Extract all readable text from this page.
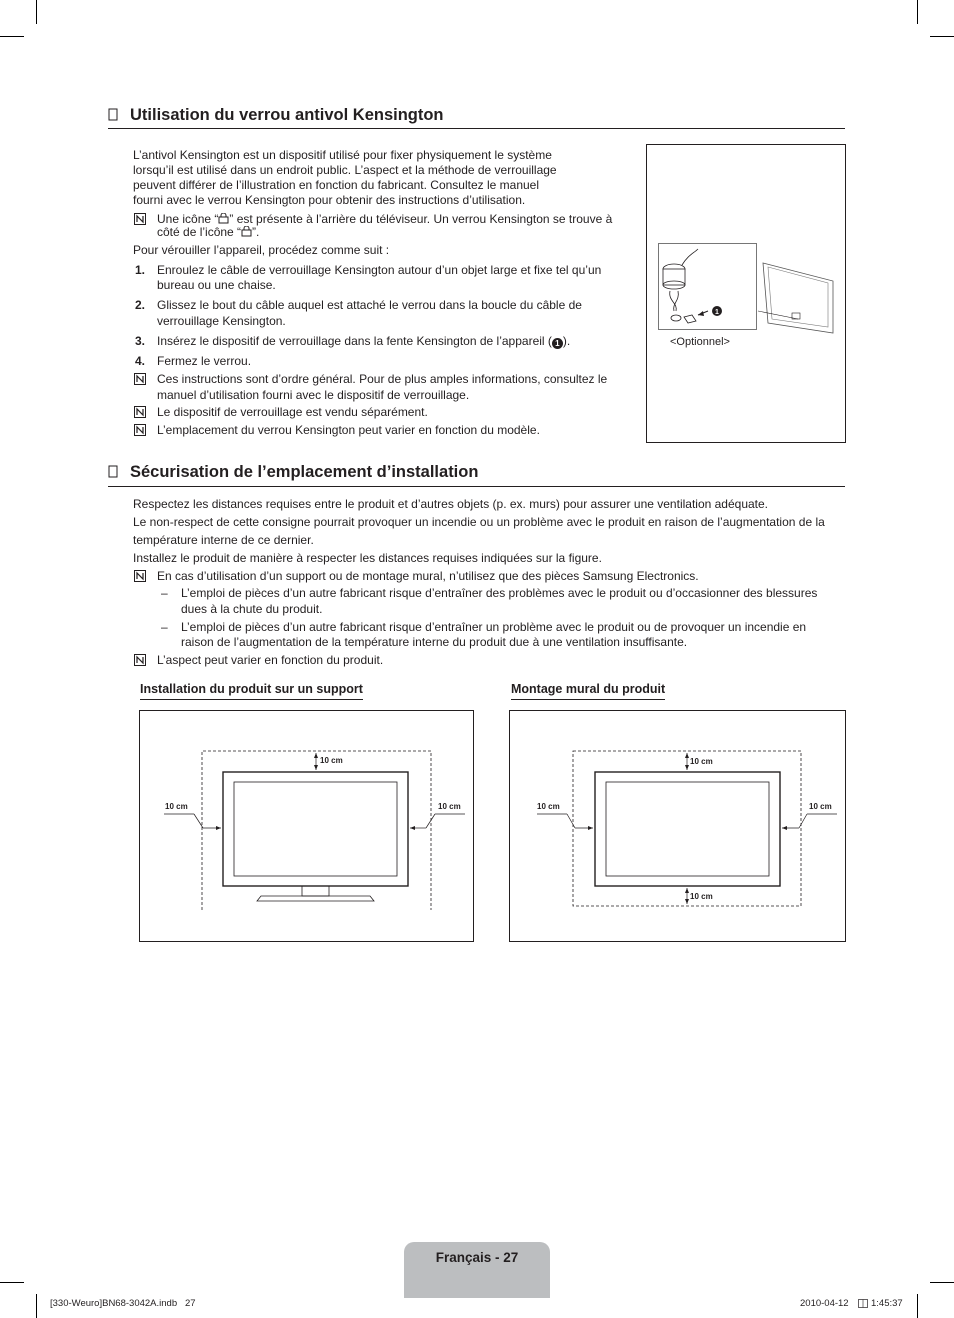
Utilisation du verrou antivol Kensington
L’antivol Kensington est un dispositif utilisé pour fixer physiquement le système
lorsqu’il est utilisé dans un endroit public. L’aspect et la méthode de verrouillage
peuvent différer de l’illustration en fonction du fabricant. Consultez le manuel
fourni avec le verrou Kensington pour obtenir des instructions d’utilisation.
Une icône “ ” est présente à l’arrière du téléviseur. Un verrou Kensington se trouve à
côté de l’icône “ ”.
Pour vérouiller l’appareil, procédez comme suit :
1. Enroulez le câble de verrouillage Kensington autour d’un objet large et fixe tel qu’un
bureau ou une chaise.
2. Glissez le bout du câble auquel est attaché le verrou dans la boucle du câble de
verrouillage Kensington.
3. Insérez le dispositif de verrouillage dans la fente Kensington de l’appareil ( 1 ).
4. Fermez le verrou.
Ces instructions sont d’ordre général. Pour de plus amples informations, consultez le
manuel d’utilisation fourni avec le dispositif de verrouillage.
Le dispositif de verrouillage est vendu séparément.
L’emplacement du verrou Kensington peut varier en fonction du modèle.
1
<Optionnel>
Sécurisation de l’emplacement d’installation
Respectez les distances requises entre le produit et d’autres objets (p. ex. murs) pour assurer une ventilation adéquate.
Le non-respect de cette consigne pourrait provoquer un incendie ou un problème avec le produit en raison de l’augmentation de la
température interne de ce dernier.
Installez le produit de manière à respecter les distances requises indiquées sur la figure.
En cas d’utilisation d’un support ou de montage mural, n’utilisez que des pièces Samsung Electronics.
– L’emploi de pièces d’un autre fabricant risque d’entraîner des problèmes avec le produit ou d’occasionner des blessures
dues à la chute du produit.
– L’emploi de pièces d’un autre fabricant risque d’entraîner un problème avec le produit ou de provoquer un incendie en
raison de l’augmentation de la température interne du produit due à une ventilation insuffisante.
L’aspect peut varier en fonction du produit.
Installation du produit sur un support	Montage mural du produit
10 cm
10 cm	10 cm
10 cm
10 cm	10 cm
10 cm
Français - 27
[330-Weuro]BN68-3042A.indb   27	2010-04-12 1:45:37
